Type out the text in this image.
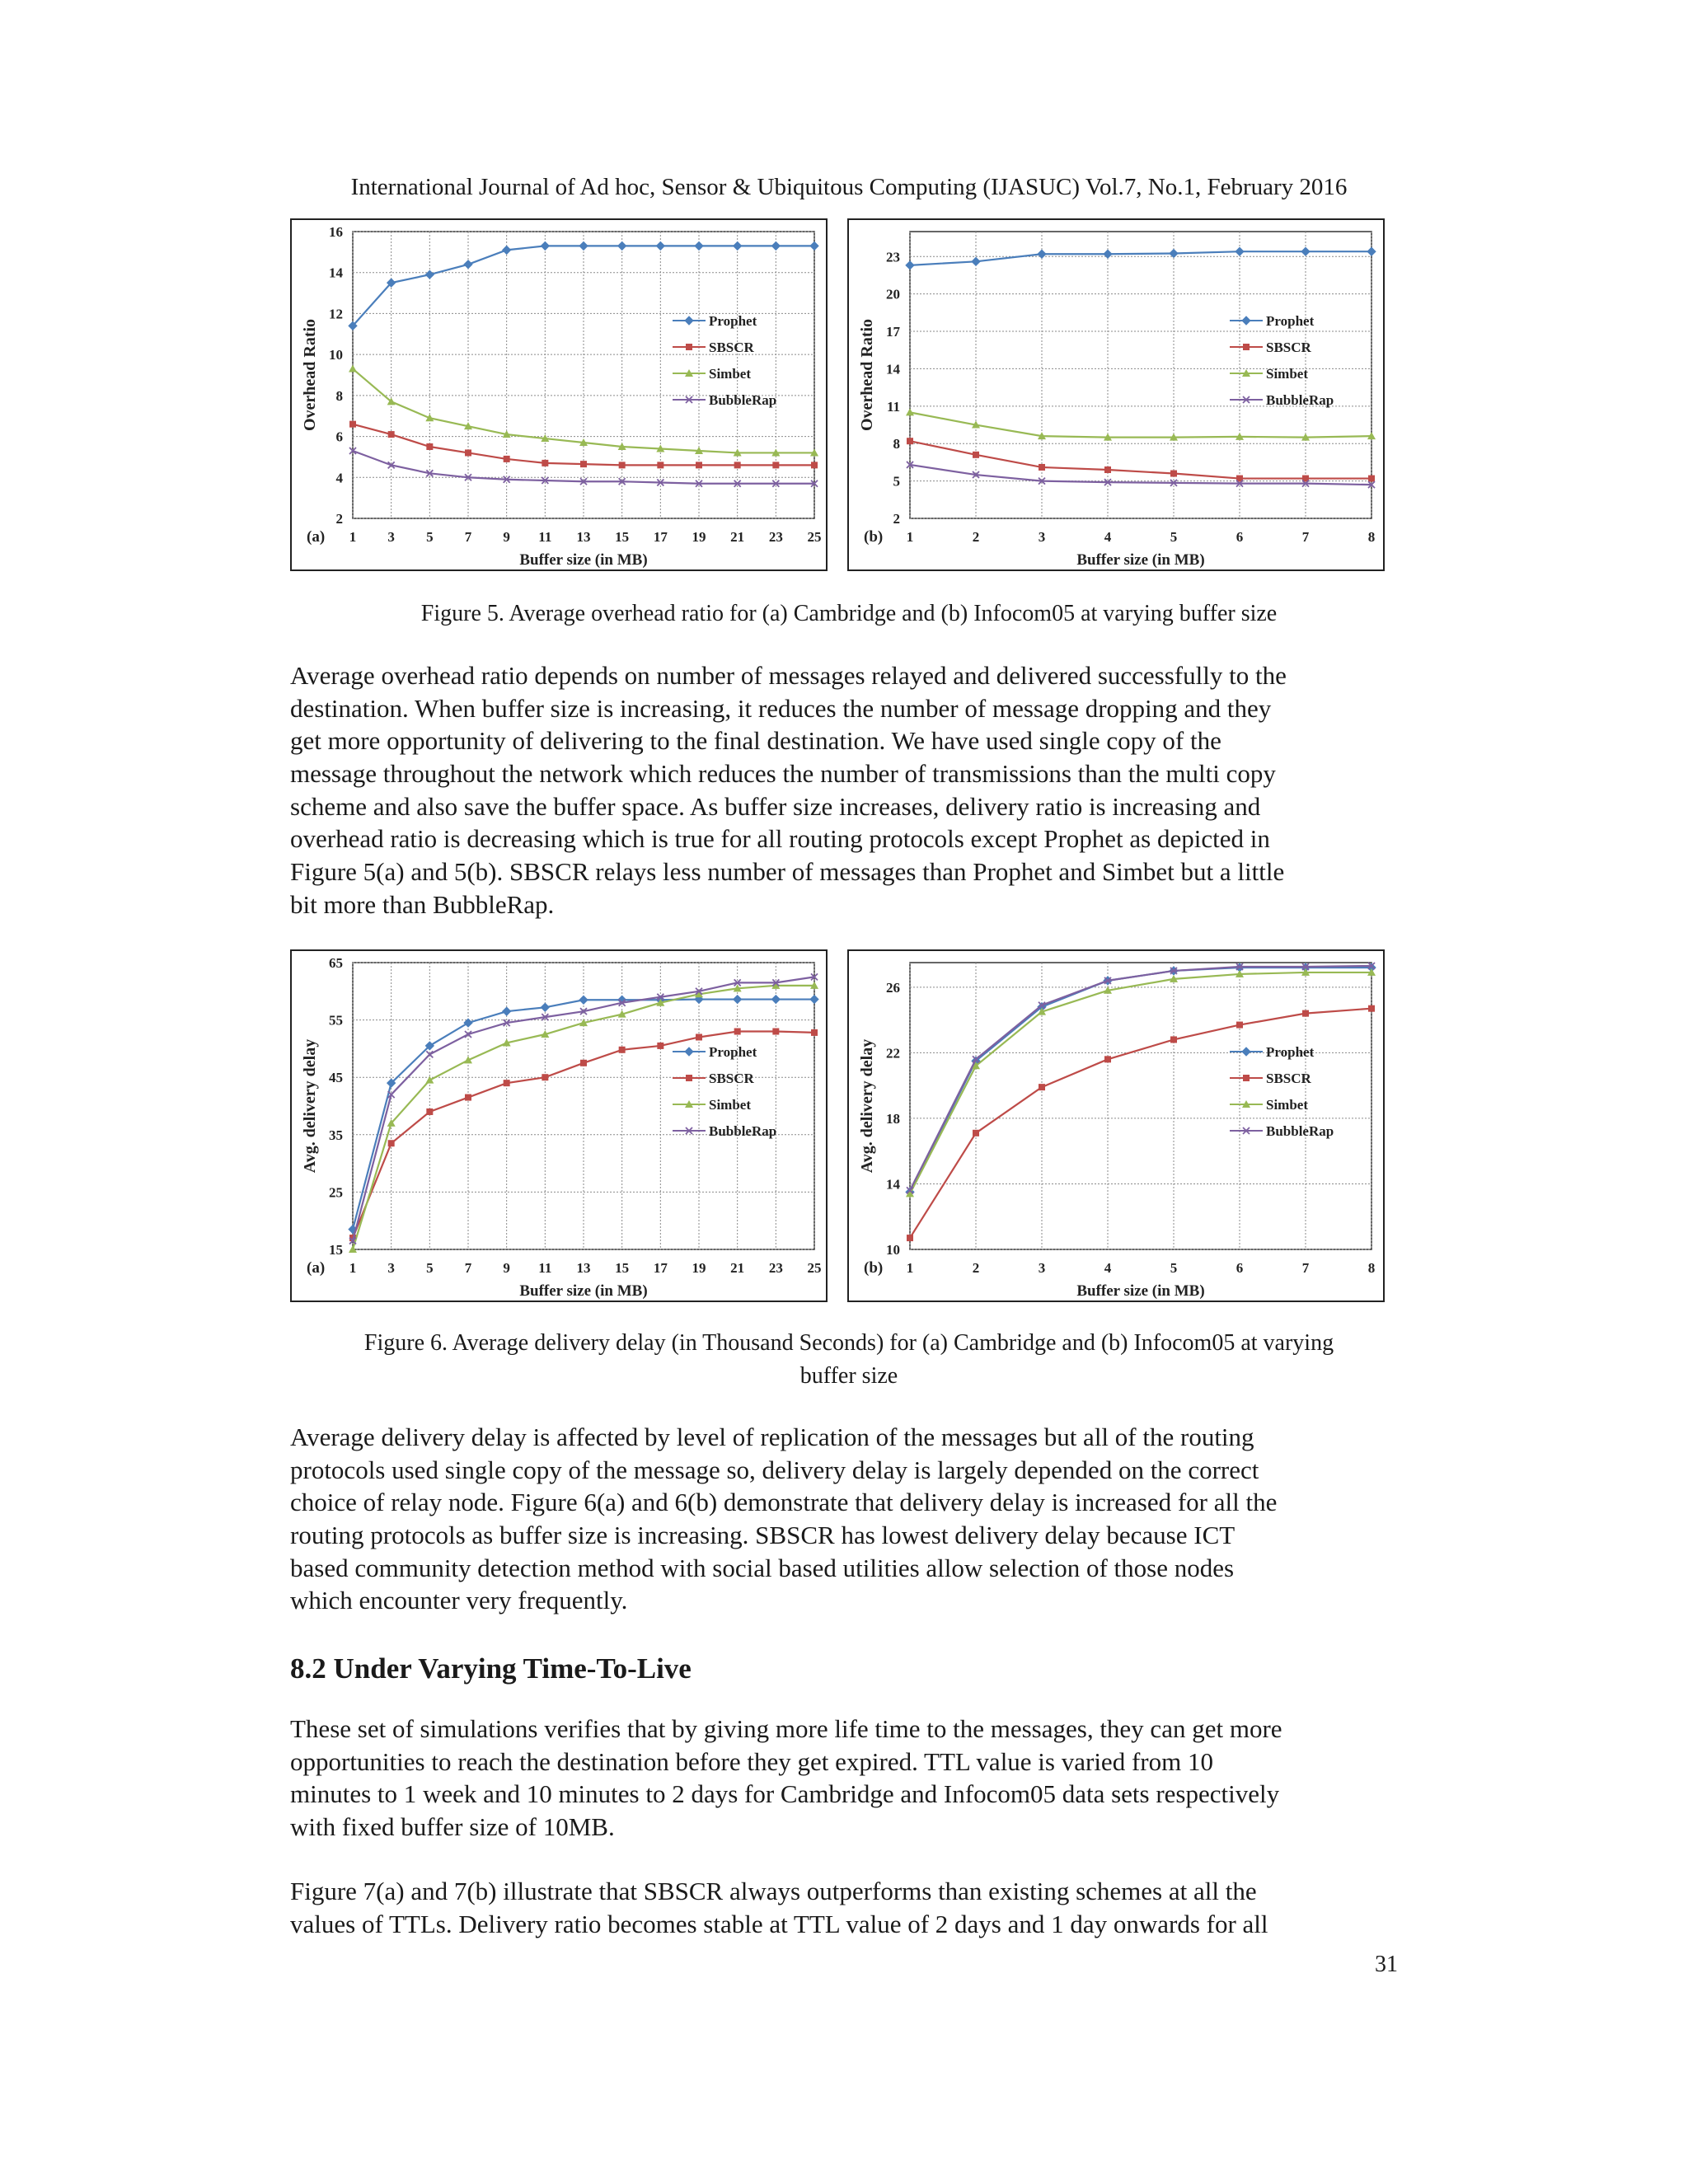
International Journal of Ad hoc, Sensor & Ubiquitous Computing (IJASUC) Vol.7, No.1, February 2016
2
4
6
8
10
12
14
16
1 3 5 7 9 11 13 15 17 19 21 23 25
(a)
Buffer size (in MB)
Overhead Ratio	Prophet
SBSCR
Simbet
BubbleRap
2
5
8
11
14
17
20
23
1	2	3	4	5	6	7	8
(b)
Buffer size (in MB)
Overhead Ratio	Prophet
SBSCR
Simbet
BubbleRap
Figure 5. Average overhead ratio for (a) Cambridge and (b) Infocom05 at varying buffer size
Average overhead ratio depends on number of messages relayed and delivered successfully to the
destination. When buffer size is increasing, it reduces the number of message dropping and they
get more opportunity of delivering to the final destination. We have used single copy of the
message throughout the network which reduces the number of transmissions than the multi copy
scheme and also save the buffer space. As buffer size increases, delivery ratio is increasing and
overhead ratio is decreasing which is true for all routing protocols except Prophet as depicted in
Figure 5(a) and 5(b). SBSCR relays less number of messages than Prophet and Simbet but a little
bit more than BubbleRap.
15
25
35
45
55
65
1 3 5 7 9 11 13 15 17 19 21 23 25
(a)
Buffer size (in MB)
Avg. delivery delay	Prophet
SBSCR
Simbet
BubbleRap
10
14
18
22
26
1	2	3	4	5	6	7	8
(b)
Buffer size (in MB)
Avg. delivery delay	Prophet
SBSCR
Simbet
BubbleRap
Figure 6. Average delivery delay (in Thousand Seconds) for (a) Cambridge and (b) Infocom05 at varying
buffer size
Average delivery delay is affected by level of replication of the messages but all of the routing
protocols used single copy of the message so, delivery delay is largely depended on the correct
choice of relay node. Figure 6(a) and 6(b) demonstrate that delivery delay is increased for all the
routing protocols as buffer size is increasing. SBSCR has lowest delivery delay because ICT
based community detection method with social based utilities allow selection of those nodes
which encounter very frequently.
8.2 Under Varying Time-To-Live
These set of simulations verifies that by giving more life time to the messages, they can get more
opportunities to reach the destination before they get expired. TTL value is varied from 10
minutes to 1 week and 10 minutes to 2 days for Cambridge and Infocom05 data sets respectively
with fixed buffer size of 10MB.
Figure 7(a) and 7(b) illustrate that SBSCR always outperforms than existing schemes at all the
values of TTLs. Delivery ratio becomes stable at TTL value of 2 days and 1 day onwards for all
31
